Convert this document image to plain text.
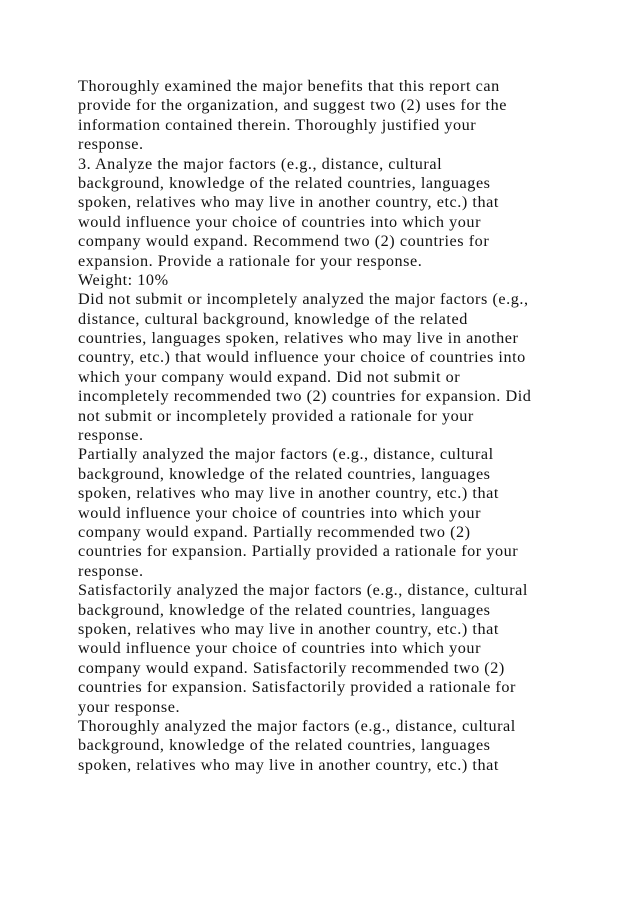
Thoroughly examined the major benefits that this report can
provide for the organization, and suggest two (2) uses for the
information contained therein. Thoroughly justified your
response.
3. Analyze the major factors (e.g., distance, cultural
background, knowledge of the related countries, languages
spoken, relatives who may live in another country, etc.) that
would influence your choice of countries into which your
company would expand. Recommend two (2) countries for
expansion. Provide a rationale for your response.
Weight: 10%
Did not submit or incompletely analyzed the major factors (e.g.,
distance, cultural background, knowledge of the related
countries, languages spoken, relatives who may live in another
country, etc.) that would influence your choice of countries into
which your company would expand. Did not submit or
incompletely recommended two (2) countries for expansion. Did
not submit or incompletely provided a rationale for your
response.
Partially analyzed the major factors (e.g., distance, cultural
background, knowledge of the related countries, languages
spoken, relatives who may live in another country, etc.) that
would influence your choice of countries into which your
company would expand. Partially recommended two (2)
countries for expansion. Partially provided a rationale for your
response.
Satisfactorily analyzed the major factors (e.g., distance, cultural
background, knowledge of the related countries, languages
spoken, relatives who may live in another country, etc.) that
would influence your choice of countries into which your
company would expand. Satisfactorily recommended two (2)
countries for expansion. Satisfactorily provided a rationale for
your response.
Thoroughly analyzed the major factors (e.g., distance, cultural
background, knowledge of the related countries, languages
spoken, relatives who may live in another country, etc.) that
